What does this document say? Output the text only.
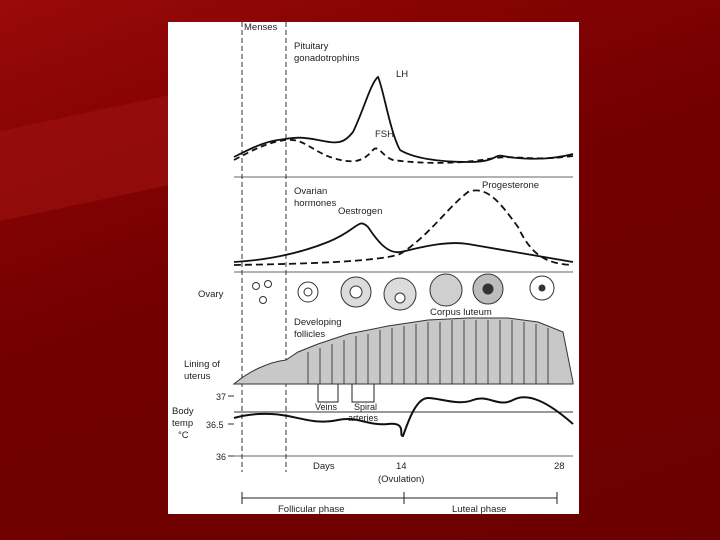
Menses
Pituitary
gonadotrophins
LH
FSH
Ovarian
hormones
Oestrogen
Progesterone
Ovary
Corpus luteum
Developing
follicles
Lining of
uterus
Veins Spiral
arteries
Body
temp
°C
37
36.5
36
Days	14
(Ovulation)
28
Follicular phase	Luteal phase
